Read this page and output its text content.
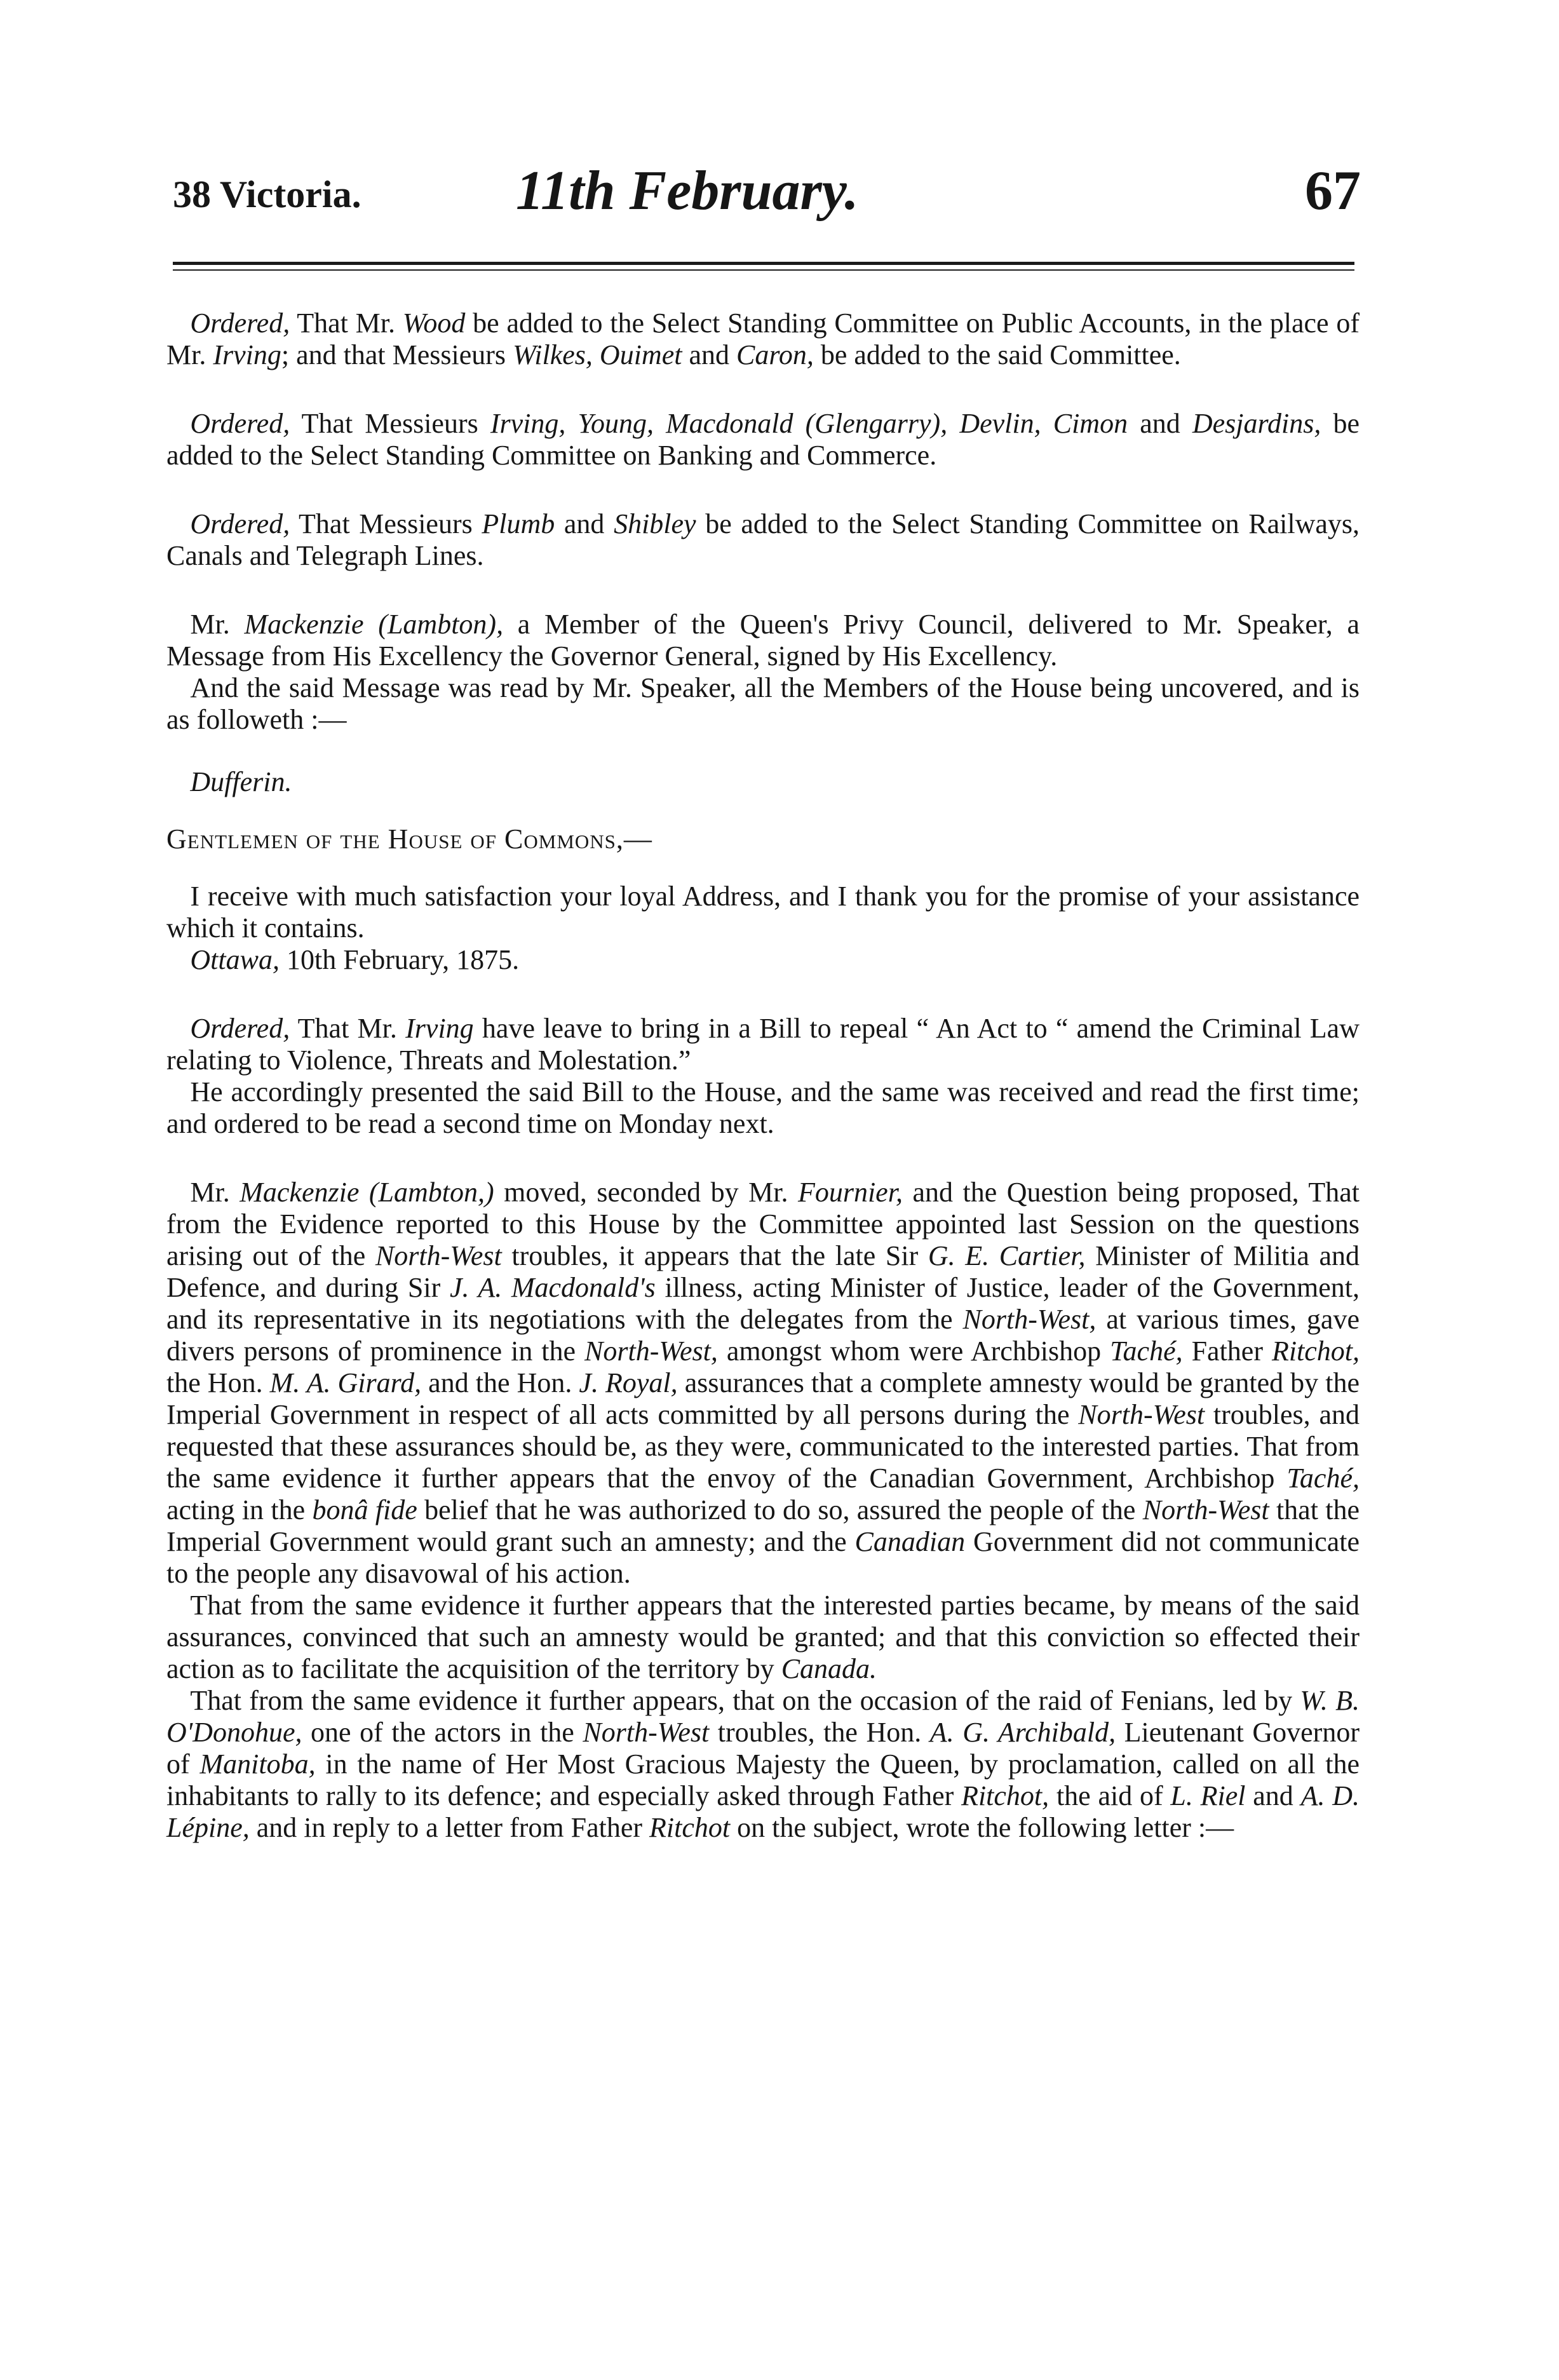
38 Victoria.	11th February.	67

Ordered, That Mr. Wood be added to the Select Standing Committee on Public Accounts, in the place of Mr. Irving; and that Messieurs Wilkes, Ouimet and Caron, be added to the said Committee.

Ordered, That Messieurs Irving, Young, Macdonald (Glengarry), Devlin, Cimon and Desjardins, be added to the Select Standing Committee on Banking and Commerce.

Ordered, That Messieurs Plumb and Shibley be added to the Select Standing Committee on Railways, Canals and Telegraph Lines.

Mr. Mackenzie (Lambton), a Member of the Queen's Privy Council, delivered to Mr. Speaker, a Message from His Excellency the Governor General, signed by His Excellency.

And the said Message was read by Mr. Speaker, all the Members of the House being uncovered, and is as followeth :—

Dufferin.

Gentlemen of the House of Commons,—

I receive with much satisfaction your loyal Address, and I thank you for the promise of your assistance which it contains.

Ottawa, 10th February, 1875.

Ordered, That Mr. Irving have leave to bring in a Bill to repeal “ An Act to “ amend the Criminal Law relating to Violence, Threats and Molestation.”

He accordingly presented the said Bill to the House, and the same was received and read the first time; and ordered to be read a second time on Monday next.

Mr. Mackenzie (Lambton,) moved, seconded by Mr. Fournier, and the Question being proposed, That from the Evidence reported to this House by the Committee appointed last Session on the questions arising out of the North-West troubles, it appears that the late Sir G. E. Cartier, Minister of Militia and Defence, and during Sir J. A. Macdonald's illness, acting Minister of Justice, leader of the Government, and its representative in its negotiations with the delegates from the North-West, at various times, gave divers persons of prominence in the North-West, amongst whom were Archbishop Taché, Father Ritchot, the Hon. M. A. Girard, and the Hon. J. Royal, assurances that a complete amnesty would be granted by the Imperial Government in respect of all acts committed by all persons during the North-West troubles, and requested that these assurances should be, as they were, communicated to the interested parties. That from the same evidence it further appears that the envoy of the Canadian Government, Archbishop Taché, acting in the bonâ fide belief that he was authorized to do so, assured the people of the North-West that the Imperial Government would grant such an amnesty; and the Canadian Government did not communicate to the people any disavowal of his action.

That from the same evidence it further appears that the interested parties became, by means of the said assurances, convinced that such an amnesty would be granted; and that this conviction so effected their action as to facilitate the acquisition of the territory by Canada.

That from the same evidence it further appears, that on the occasion of the raid of Fenians, led by W. B. O'Donohue, one of the actors in the North-West troubles, the Hon. A. G. Archibald, Lieutenant Governor of Manitoba, in the name of Her Most Gracious Majesty the Queen, by proclamation, called on all the inhabitants to rally to its defence; and especially asked through Father Ritchot, the aid of L. Riel and A. D. Lépine, and in reply to a letter from Father Ritchot on the subject, wrote the following letter :—
